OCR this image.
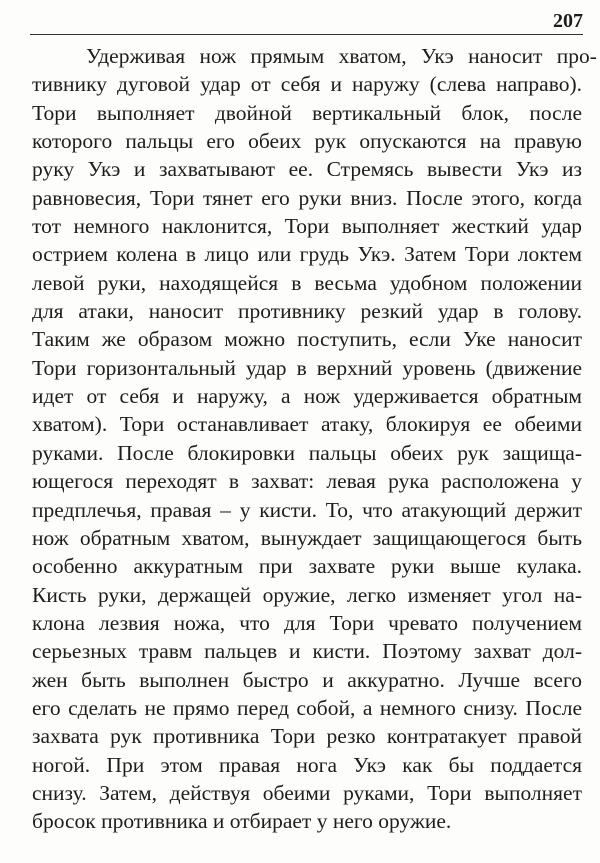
207
Удерживая нож прямым хватом, Укэ наносит про-
тивнику дуговой удар от себя и наружу (слева направо).
Тори выполняет двойной вертикальный блок, после
которого пальцы его обеих рук опускаются на правую
руку Укэ и захватывают ее. Стремясь вывести Укэ из
равновесия, Тори тянет его руки вниз. После этого, когда
тот немного наклонится, Тори выполняет жесткий удар
острием колена в лицо или грудь Укэ. Затем Тори локтем
левой руки, находящейся в весьма удобном положении
для атаки, наносит противнику резкий удар в голову.
Таким же образом можно поступить, если Уке наносит
Тори горизонтальный удар в верхний уровень (движение
идет от себя и наружу, а нож удерживается обратным
хватом). Тори останавливает атаку, блокируя ее обеими
руками. После блокировки пальцы обеих рук защища-
ющегося переходят в захват: левая рука расположена у
предплечья, правая – у кисти. То, что атакующий держит
нож обратным хватом, вынуждает защищающегося быть
особенно аккуратным при захвате руки выше кулака.
Кисть руки, держащей оружие, легко изменяет угол на-
клона лезвия ножа, что для Тори чревато получением
серьезных травм пальцев и кисти. Поэтому захват дол-
жен быть выполнен быстро и аккуратно. Лучше всего
его сделать не прямо перед собой, а немного снизу. После
захвата рук противника Тори резко контратакует правой
ногой. При этом правая нога Укэ как бы поддается
снизу. Затем, действуя обеими руками, Тори выполняет
бросок противника и отбирает у него оружие.
